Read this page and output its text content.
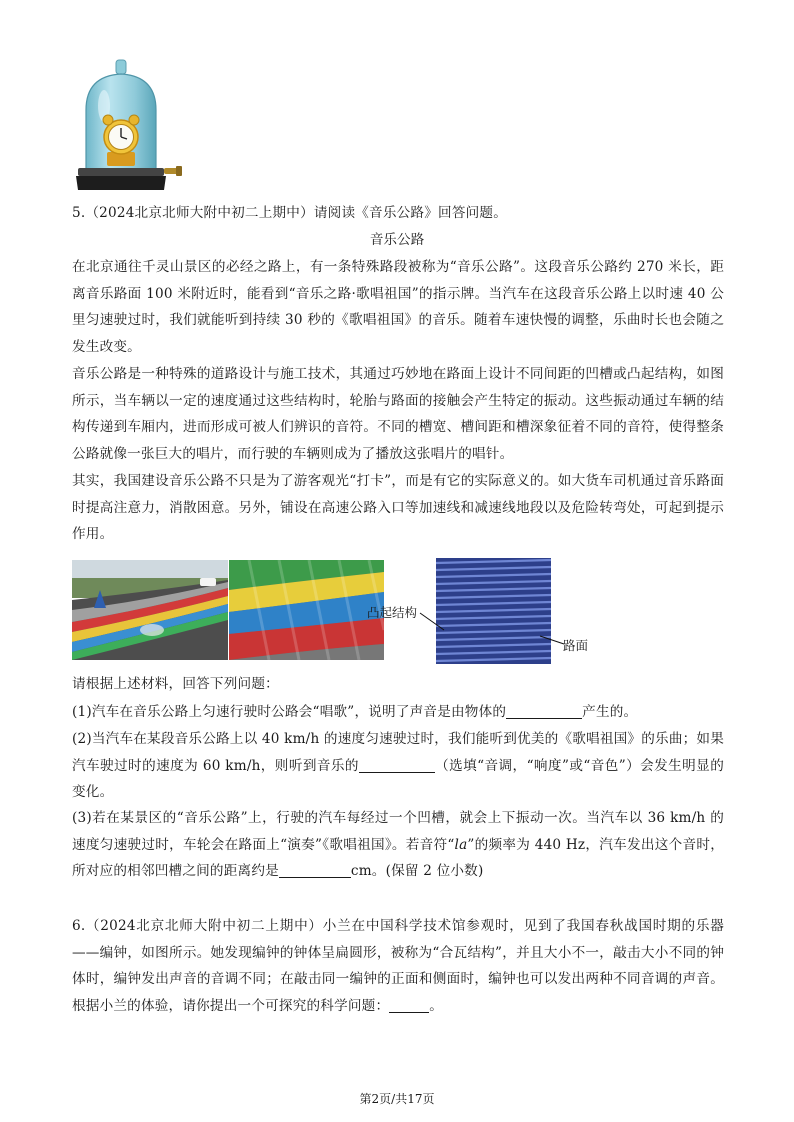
5.（2024北京北师大附中初二上期中）请阅读《音乐公路》回答问题。
音乐公路
在北京通往千灵山景区的必经之路上，有一条特殊路段被称为“音乐公路”。这段音乐公路约 270 米长，距离音乐路面 100 米附近时，能看到“音乐之路·歌唱祖国”的指示牌。当汽车在这段音乐公路上以时速 40 公里匀速驶过时，我们就能听到持续 30 秒的《歌唱祖国》的音乐。随着车速快慢的调整，乐曲时长也会随之发生改变。
音乐公路是一种特殊的道路设计与施工技术，其通过巧妙地在路面上设计不同间距的凹槽或凸起结构，如图所示，当车辆以一定的速度通过这些结构时，轮胎与路面的接触会产生特定的振动。这些振动通过车辆的结构传递到车厢内，进而形成可被人们辨识的音符。不同的槽宽、槽间距和槽深象征着不同的音符，使得整条公路就像一张巨大的唱片，而行驶的车辆则成为了播放这张唱片的唱针。
其实，我国建设音乐公路不只是为了游客观光“打卡”，而是有它的实际意义的。如大货车司机通过音乐路面时提高注意力，消散困意。另外，铺设在高速公路入口等加速线和减速线地段以及危险转弯处，可起到提示作用。
凸起结构
路面
请根据上述材料，回答下列问题：
(1)汽车在音乐公路上匀速行驶时公路会“唱歌”，说明了声音是由物体的	产生的。
(2)当汽车在某段音乐公路上以 40 km/h 的速度匀速驶过时，我们能听到优美的《歌唱祖国》的乐曲；如果汽车驶过时的速度为 60 km/h，则听到音乐的	（选填“音调，“响度”或“音色”）会发生明显的变化。
(3)若在某景区的“音乐公路”上，行驶的汽车每经过一个凹槽，就会上下振动一次。当汽车以 36 km/h 的速度匀速驶过时，车轮会在路面上“演奏”《歌唱祖国》。若音符“la”的频率为 440 Hz，汽车发出这个音时，所对应的相邻凹槽之间的距离约是	cm。(保留 2 位小数)
6.（2024北京北师大附中初二上期中）小兰在中国科学技术馆参观时，见到了我国春秋战国时期的乐器——编钟，如图所示。她发现编钟的钟体呈扁圆形，被称为“合瓦结构”，并且大小不一，敲击大小不同的钟体时，编钟发出声音的音调不同；在敲击同一编钟的正面和侧面时，编钟也可以发出两种不同音调的声音。根据小兰的体验，请你提出一个可探究的科学问题：	。
第2页/共17页
